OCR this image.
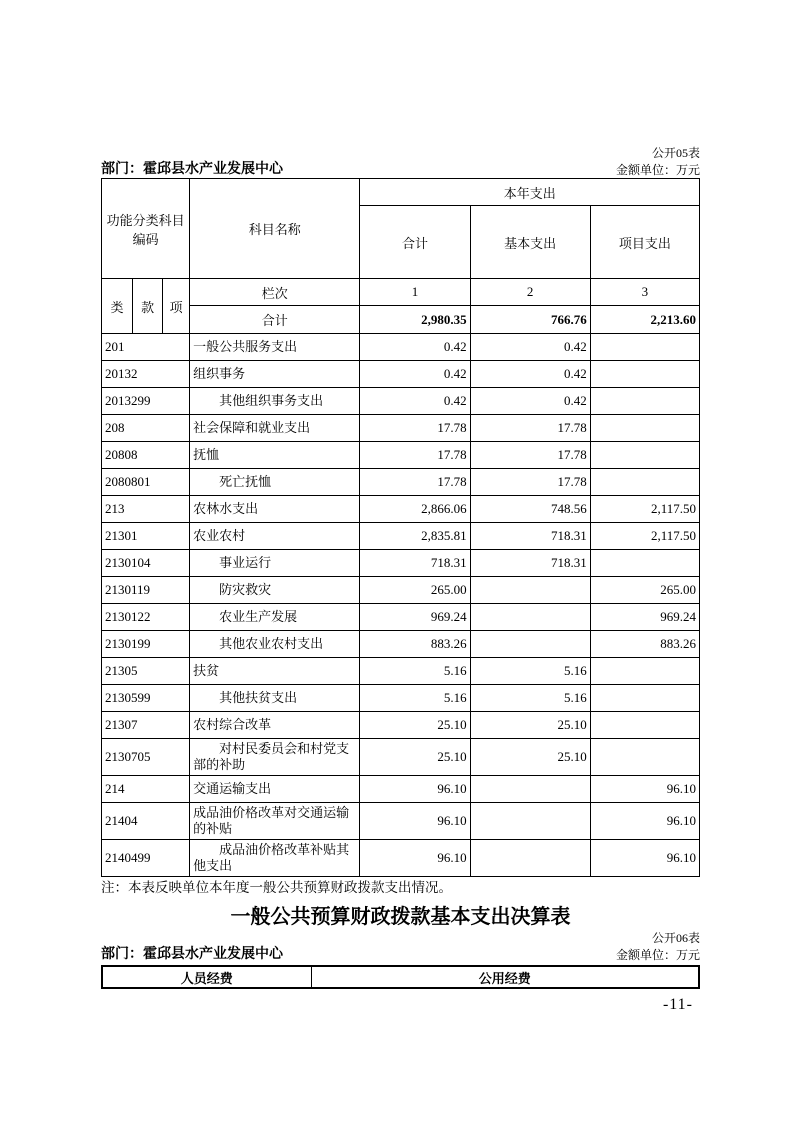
公开05表
部门：霍邱县水产业发展中心	金额单位：万元
功能分类科目编码			科目名称	本年支出		
				合计	基本支出	项目支出
类	款	项	栏次	1	2	3
			合计	2,980.35	766.76	2,213.60
201			一般公共服务支出	0.42	0.42	
20132			组织事务	0.42	0.42	
2013299			其他组织事务支出	0.42	0.42	
208			社会保障和就业支出	17.78	17.78	
20808			抚恤	17.78	17.78	
2080801			死亡抚恤	17.78	17.78	
213			农林水支出	2,866.06	748.56	2,117.50
21301			农业农村	2,835.81	718.31	2,117.50
2130104			事业运行	718.31	718.31	
2130119			防灾救灾	265.00		265.00
2130122			农业生产发展	969.24		969.24
2130199			其他农业农村支出	883.26		883.26
21305			扶贫	5.16	5.16	
2130599			其他扶贫支出	5.16	5.16	
21307			农村综合改革	25.10	25.10	
2130705			对村民委员会和村党支部的补助	25.10	25.10	
214			交通运输支出	96.10		96.10
21404			成品油价格改革对交通运输的补贴	96.10		96.10
2140499			成品油价格改革补贴其他支出	96.10		96.10
注：本表反映单位本年度一般公共预算财政拨款支出情况。
一般公共预算财政拨款基本支出决算表
公开06表
部门：霍邱县水产业发展中心	金额单位：万元
人员经费	公用经费
-11-
